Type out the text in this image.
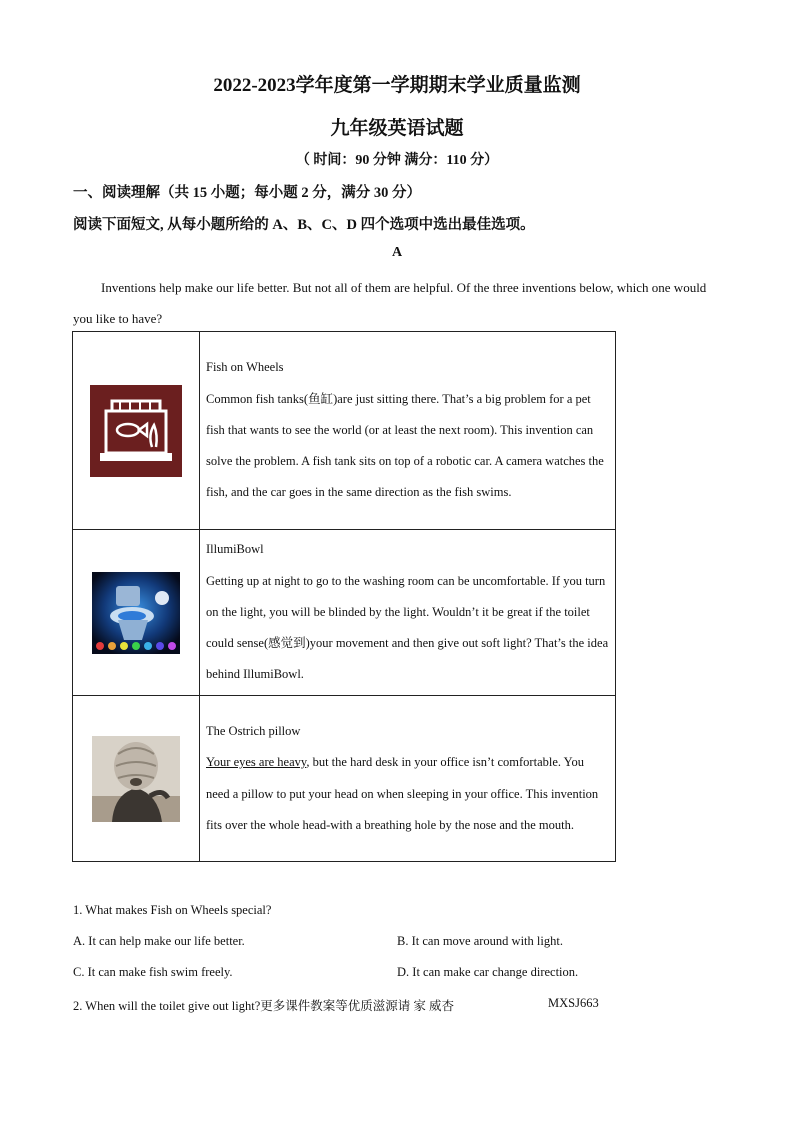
2022-2023学年度第一学期期末学业质量监测
九年级英语试题
（ 时间：90 分钟 满分：110 分）
一、阅读理解（共 15 小题；每小题 2 分，满分 30 分）
阅读下面短文, 从每小题所给的 A、B、C、D 四个选项中选出最佳选项。
A
Inventions help make our life better. But not all of them are helpful. Of the three inventions below, which one would you like to have?

Fish on Wheels
Common fish tanks(鱼缸)are just sitting there. That’s a big problem for a pet fish that wants to see the world (or at least the next room). This invention can solve the problem. A fish tank sits on top of a robotic car. A camera watches the fish, and the car goes in the same direction as the fish swims.

IllumiBowl
Getting up at night to go to the washing room can be uncomfortable. If you turn on the light, you will be blinded by the light. Wouldn’t it be great if the toilet could sense(感觉到)your movement and then give out soft light? That’s the idea behind IllumiBowl.

The Ostrich pillow
Your eyes are heavy, but the hard desk in your office isn’t comfortable. You need a pillow to put your head on when sleeping in your office. This invention fits over the whole head-with a breathing hole by the nose and the mouth.
1. What makes Fish on Wheels special?
A. It can help make our life better.	B. It can move around with light.
C. It can make fish swim freely.	D. It can make car change direction.
2. When will the toilet give out light?更多课件教案等优质滋源请 家 威杏	MXSJ663
